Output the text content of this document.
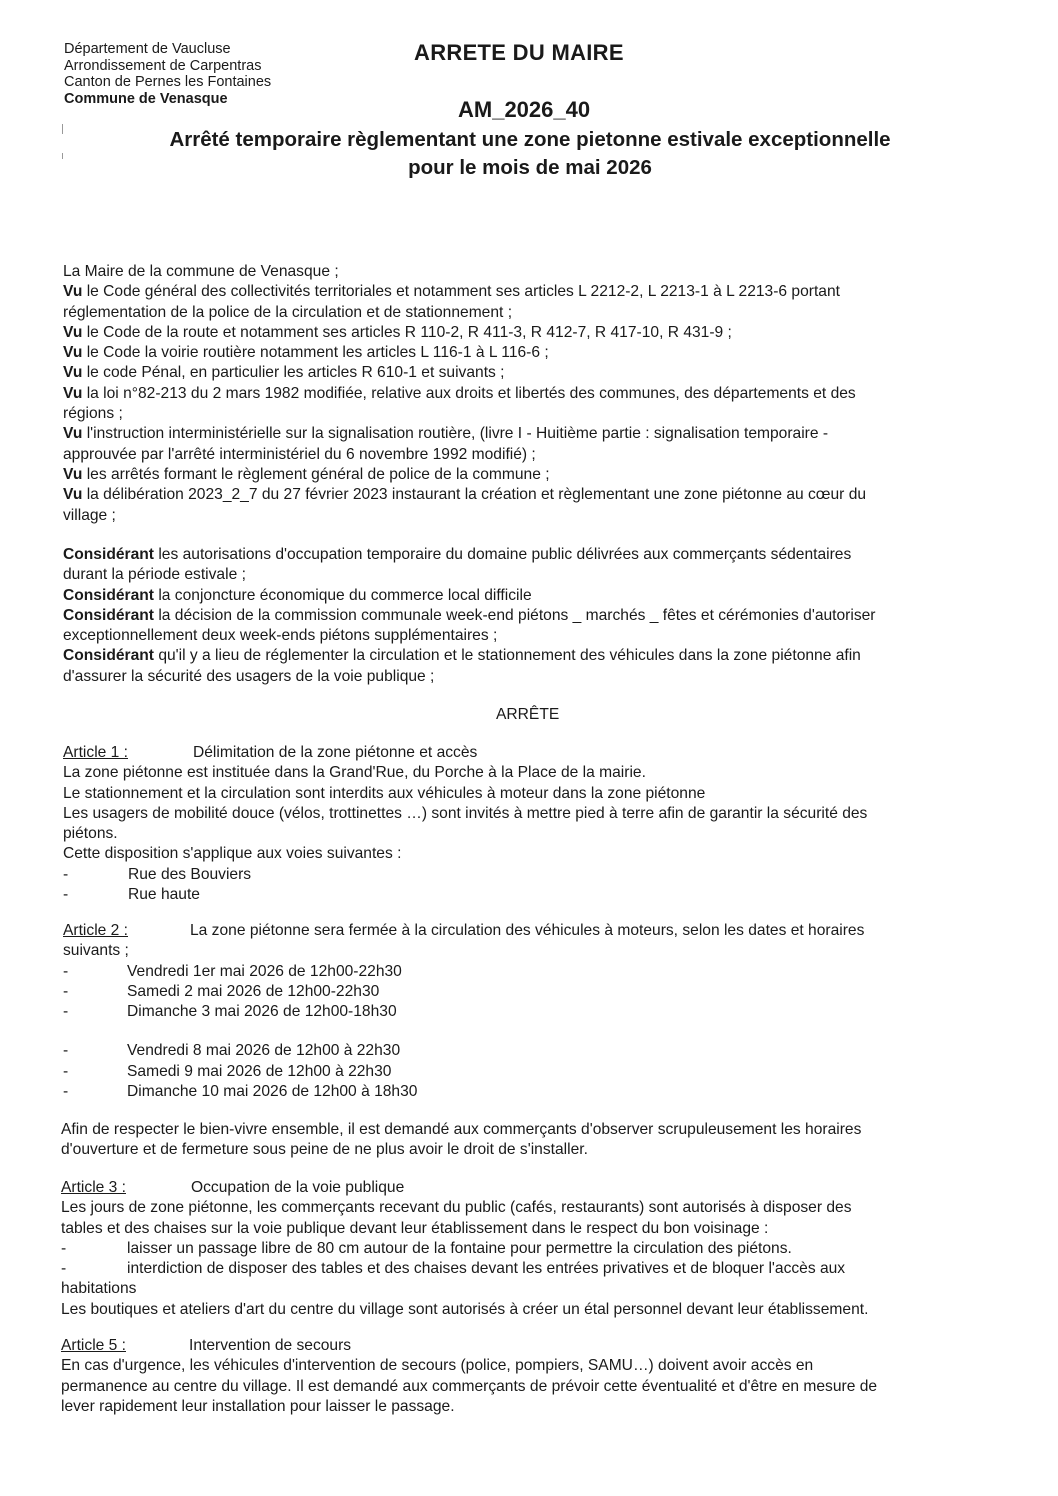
Département de Vaucluse
Arrondissement de Carpentras
Canton de Pernes les Fontaines
Commune de Venasque
ARRETE DU MAIRE
AM_2026_40
Arrêté temporaire règlementant une zone pietonne estivale exceptionnelle
pour le mois de mai 2026
La Maire de la commune de Venasque ;
Vu le Code général des collectivités territoriales et notamment ses articles L 2212-2, L 2213-1 à L 2213-6 portant
réglementation de la police de la circulation et de stationnement ;
Vu le Code de la route et notamment ses articles R 110-2, R 411-3, R 412-7, R 417-10, R 431-9 ;
Vu le Code la voirie routière notamment les articles L 116-1 à L 116-6 ;
Vu le code Pénal, en particulier les articles R 610-1 et suivants ;
Vu la loi n°82-213 du 2 mars 1982 modifiée, relative aux droits et libertés des communes, des départements et des
régions ;
Vu l'instruction interministérielle sur la signalisation routière, (livre I - Huitième partie : signalisation temporaire -
approuvée par l'arrêté interministériel du 6 novembre 1992 modifié) ;
Vu les arrêtés formant le règlement général de police de la commune ;
Vu la délibération 2023_2_7 du 27 février 2023 instaurant la création et règlementant une zone piétonne au cœur du
village ;
Considérant les autorisations d'occupation temporaire du domaine public délivrées aux commerçants sédentaires
durant la période estivale ;
Considérant la conjoncture économique du commerce local difficile
Considérant la décision de la commission communale week-end piétons _ marchés _ fêtes et cérémonies d'autoriser
exceptionnellement deux week-ends piétons supplémentaires ;
Considérant qu'il y a lieu de réglementer la circulation et le stationnement des véhicules dans la zone piétonne afin
d'assurer la sécurité des usagers de la voie publique ;
ARRÊTE
Article 1 :	Délimitation de la zone piétonne et accès
La zone piétonne est instituée dans la Grand'Rue, du Porche à la Place de la mairie.
Le stationnement et la circulation sont interdits aux véhicules à moteur dans la zone piétonne
Les usagers de mobilité douce (vélos, trottinettes …) sont invités à mettre pied à terre afin de garantir la sécurité des
piétons.
Cette disposition s'applique aux voies suivantes :
-	Rue des Bouviers
-	Rue haute
Article 2 :	La zone piétonne sera fermée à la circulation des véhicules à moteurs, selon les dates et horaires
suivants ;
-	Vendredi 1er mai 2026 de 12h00-22h30
-	Samedi 2 mai 2026 de 12h00-22h30
-	Dimanche 3 mai 2026 de 12h00-18h30
-	Vendredi 8 mai 2026 de 12h00 à 22h30
-	Samedi 9 mai 2026 de 12h00 à 22h30
-	Dimanche 10 mai 2026 de 12h00 à 18h30
Afin de respecter le bien-vivre ensemble, il est demandé aux commerçants d'observer scrupuleusement les horaires
d'ouverture et de fermeture sous peine de ne plus avoir le droit de s'installer.
Article 3 :	Occupation de la voie publique
Les jours de zone piétonne, les commerçants recevant du public (cafés, restaurants) sont autorisés à disposer des
tables et des chaises sur la voie publique devant leur établissement dans le respect du bon voisinage :
-	laisser un passage libre de 80 cm autour de la fontaine pour permettre la circulation des piétons.
-	interdiction de disposer des tables et des chaises devant les entrées privatives et de bloquer l'accès aux
habitations
Les boutiques et ateliers d'art du centre du village sont autorisés à créer un étal personnel devant leur établissement.
Article 5 :	Intervention de secours
En cas d'urgence, les véhicules d'intervention de secours (police, pompiers, SAMU…) doivent avoir accès en
permanence au centre du village. Il est demandé aux commerçants de prévoir cette éventualité et d'être en mesure de
lever rapidement leur installation pour laisser le passage.
